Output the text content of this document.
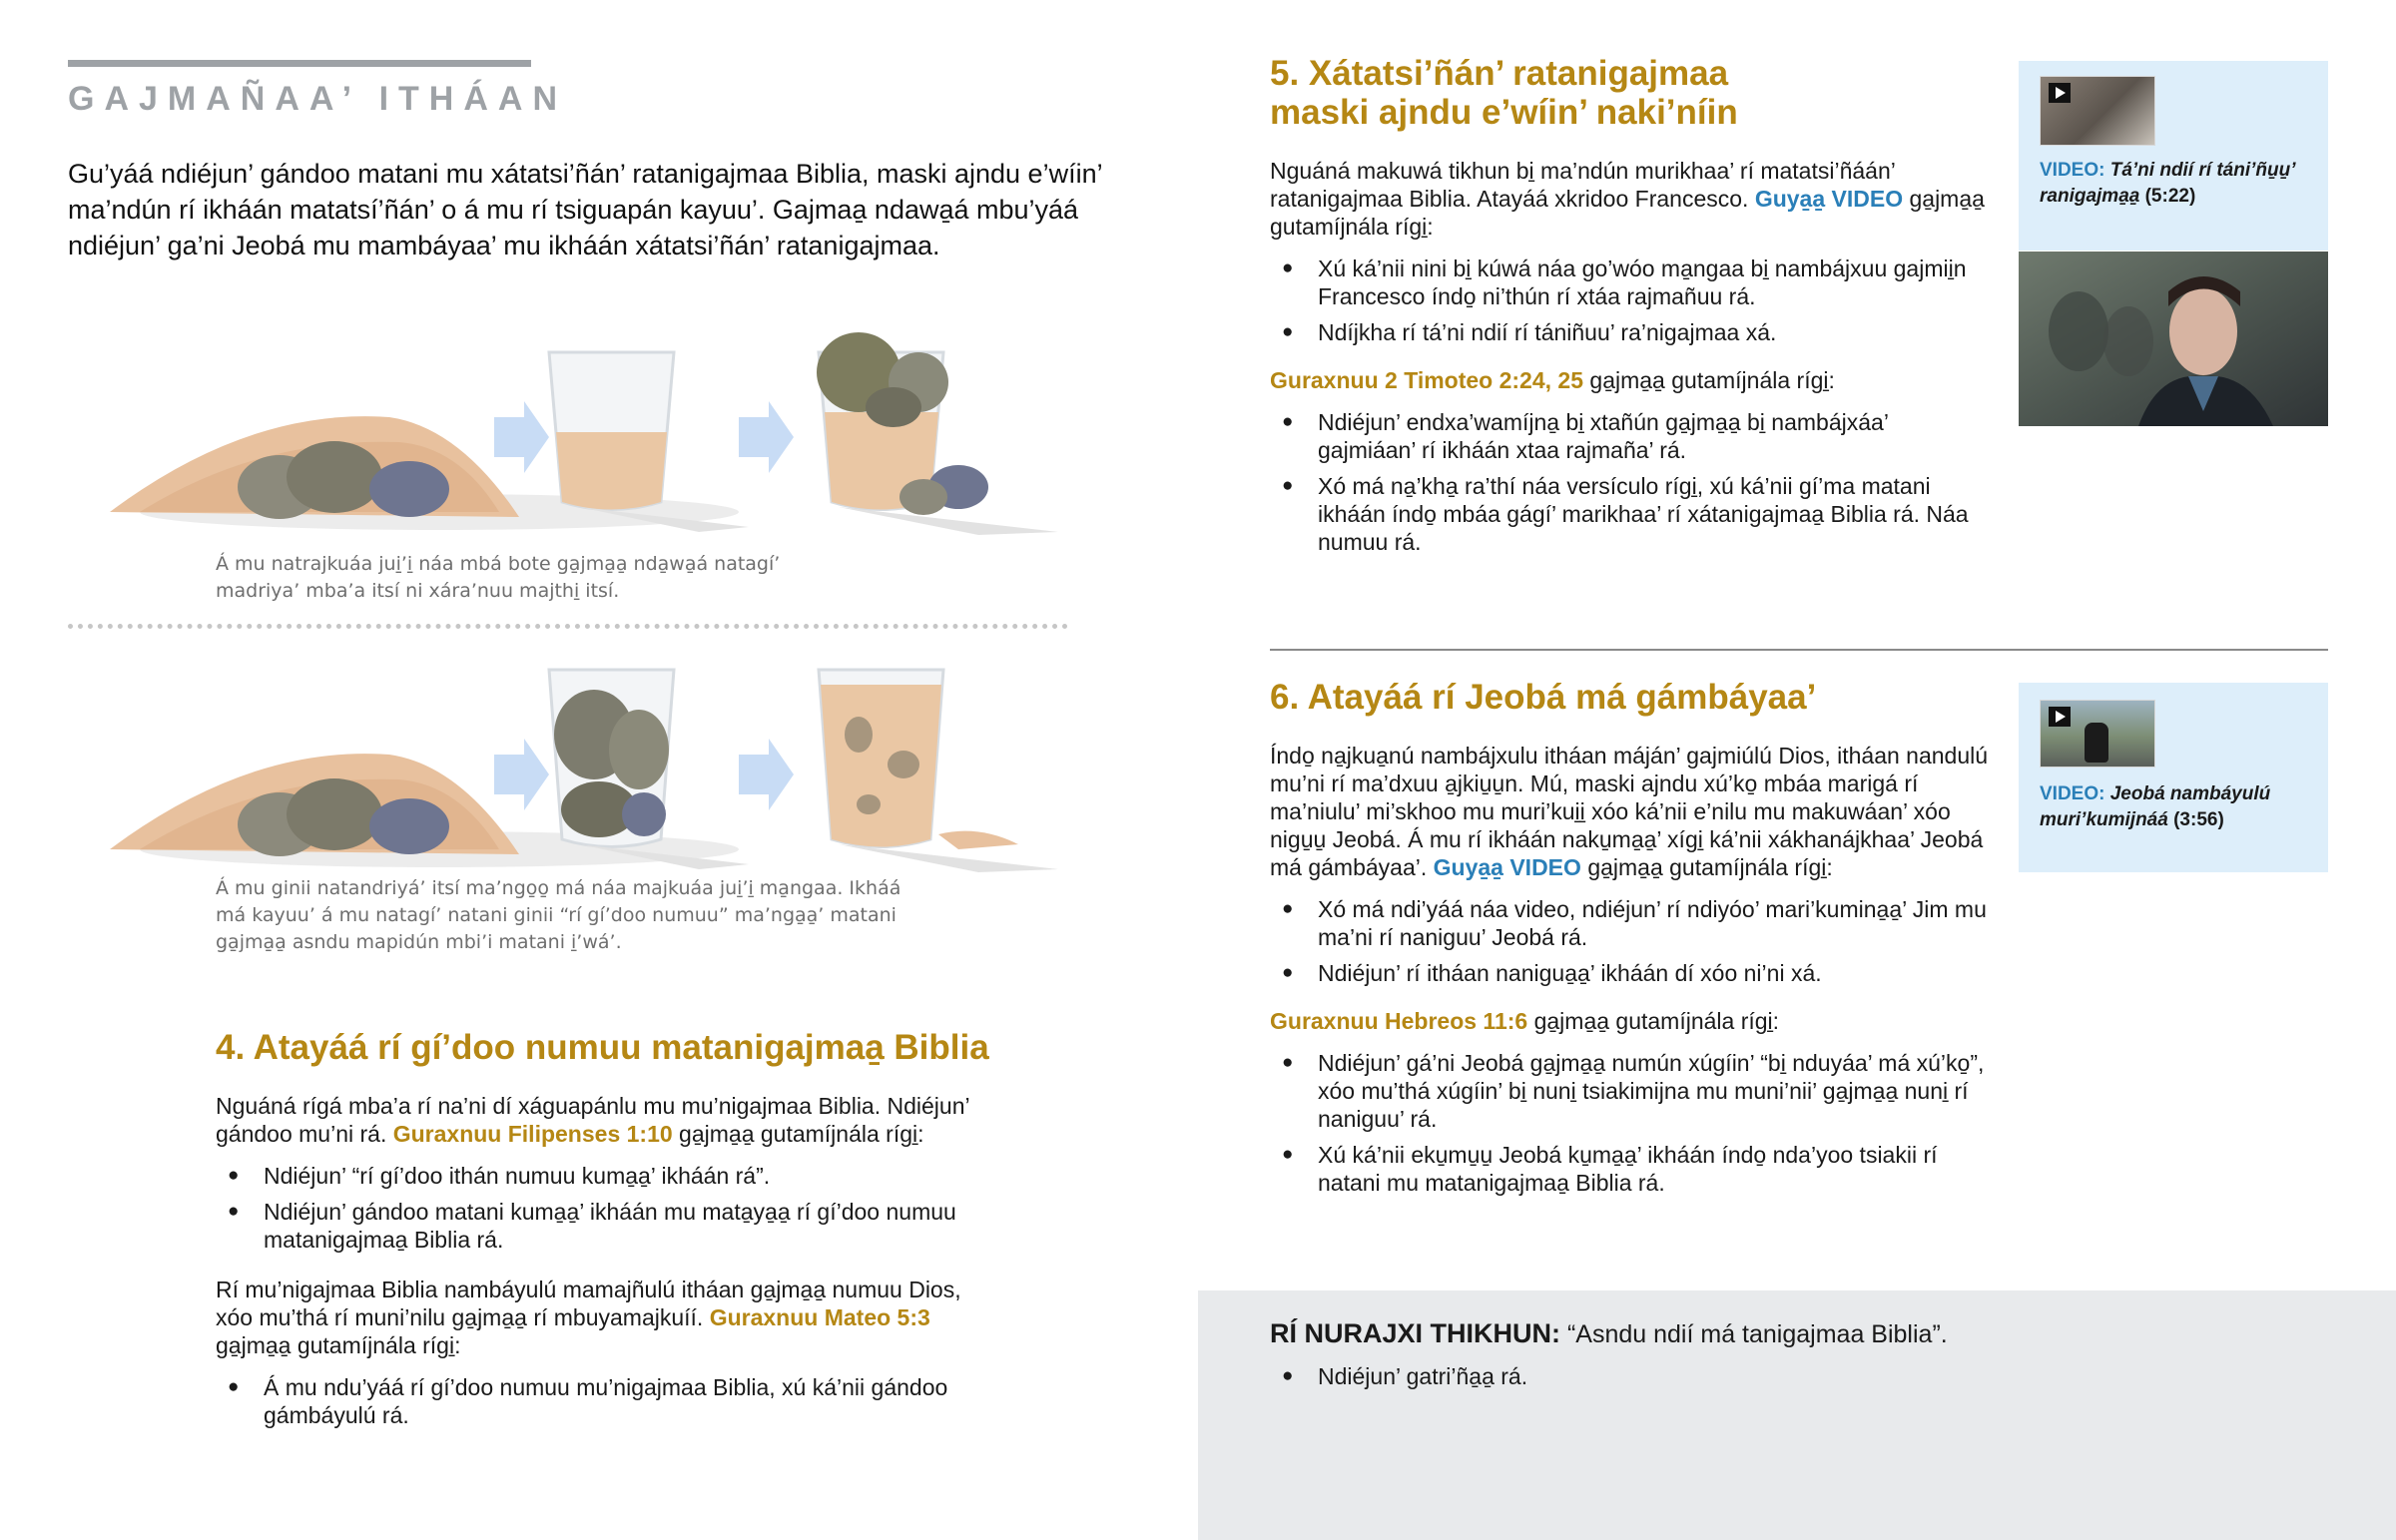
GAJMAÑAA’ ITHÁAN

Gu’yáá ndiéjun’ gándoo matani mu xátatsi’ñán’ ratanigajmaa Biblia, maski ajndu e’wíin’ ma’ndún rí ikháán matatsí’ñán’ o á mu rí tsiguapán kayuu’. Gajmaa̱ ndawa̱á mbu’yáá ndiéjun’ ga’ni Jeobá mu mambáyaa’ mu ikháán xátatsi’ñán’ ratanigajmaa.

Á mu natrajkuáa jui̱’i̱ náa mbá bote ga̱jma̱a̱ nda̱wa̱á natagí’ madriya’ mba’a itsí ni xára’nuu majthi̱ itsí.

Á mu ginii natandriyá’ itsí ma’ngo̱o̱ má náa majkuáa jui̱’i̱ ma̱ngaa. Ikháá má kayuu’ á mu natagí’ natani ginii “rí gí’doo numuu” ma’nga̱a̱’ matani ga̱jma̱a̱ asndu mapidún mbi’i matani i̱’wá’.

4. Atayáá rí gí’doo numuu matanigajmaa̱ Biblia

Nguáná rígá mba’a rí na’ni dí xáguapánlu mu mu’nigajmaa Biblia. Ndiéjun’ gándoo mu’ni rá. Guraxnuu Filipenses 1:10 ga̱jma̱a̱ gutamíjnála rígi̱:

● Ndiéjun’ “rí gí’doo ithán numuu kuma̱a̱’ ikháán rá”.
● Ndiéjun’ gándoo matani kuma̱a̱’ ikháán mu mata̱ya̱a̱ rí gí’doo numuu matanigajmaa̱ Biblia rá.

Rí mu’nigajmaa Biblia nambáyulú mamajñulú itháan ga̱jma̱a̱ numuu Dios, xóo mu’thá rí muni’nilu ga̱jma̱a̱ rí mbuyamajkuíí. Guraxnuu Mateo 5:3 ga̱jma̱a̱ gutamíjnála rígi̱:

● Á mu ndu’yáá rí gí’doo numuu mu’nigajmaa Biblia, xú ká’nii gándoo gámbáyulú rá.
5. Xátatsi’ñán’ ratanigajmaa maski ajndu e’wíin’ naki’níin

Nguáná makuwá tikhun bi̱ ma’ndún murikhaa’ rí matatsi’ñáán’ ratanigajmaa Biblia. Atayáá xkridoo Francesco. Guya̱a̱ VIDEO ga̱jma̱a̱ gutamíjnála rígi̱:

● Xú ká’nii nini bi̱ kúwá náa go’wóo ma̱ngaa bi̱ nambájxuu gajmii̱n Francesco índo̱ ni’thún rí xtáa rajmañuu rá.
● Ndíjkha rí tá’ni ndií rí tániñuu’ ra’nigajmaa xá.

Guraxnuu 2 Timoteo 2:24, 25 ga̱jma̱a̱ gutamíjnála rígi̱:

● Ndiéjun’ endxa’wamíjna̱ bi̱ xtañún ga̱jma̱a̱ bi̱ nambájxáa’ gajmiáan’ rí ikháán xtaa rajmaña’ rá.
● Xó má na̱’kha̱ ra’thí náa versículo rígi̱, xú ká’nii gí’ma matani ikháán índo̱ mbáa gágí’ marikhaa’ rí xátanigajmaa̱ Biblia rá. Náa numuu rá.

VIDEO: Tá’ni ndií rí táni’ñu̱u̱’ ranigajma̱a̱ (5:22)

6. Atayáá rí Jeobá má gámbáyaa’

Índo̱ na̱jkua̱nú nambájxulu itháan máján’ gajmiúlú Dios, itháan nandulú mu’ni rí ma’dxuu a̱jkiu̱u̱n. Mú, maski ajndu xú’ko̱ mbáa marigá rí ma’niulu’ mi’skhoo mu muri’kui̱i̱ xóo ká’nii e’nilu mu makuwáan’ xóo nigu̱u̱ Jeobá. Á mu rí ikháán naku̱ma̱a̱’ xígi̱ ká’nii xákhanájkhaa’ Jeobá má gámbáyaa’. Guya̱a̱ VIDEO ga̱jma̱a̱ gutamíjnála rígi̱:

● Xó má ndi’yáá náa video, ndiéjun’ rí ndiyóo’ mari’kumina̱a̱’ Jim mu ma’ni rí naniguu’ Jeobá rá.
● Ndiéjun’ rí itháan nanigua̱a̱’ ikháán dí xóo ni’ni xá.

Guraxnuu Hebreos 11:6 ga̱jma̱a̱ gutamíjnála rígi̱:

● Ndiéjun’ gá’ni Jeobá ga̱jma̱a̱ numún xúgíin’ “bi̱ nduyáa’ má xú’ko̱”, xóo mu’thá xúgíin’ bi̱ nuni̱ tsiakimijna mu muni’nii’ ga̱jma̱a̱ nuni̱ rí naniguu’ rá.
● Xú ká’nii eku̱mu̱u̱ Jeobá ku̱ma̱a̱’ ikháán índo̱ nda’yoo tsiakii rí natani mu matanigajmaa̱ Biblia rá.

VIDEO: Jeobá nambáyulú muri’kumijnáá (3:56)

RÍ NURAJXI THIKHUN: “Asndu ndií má tanigajmaa Biblia”.

● Ndiéjun’ gatri’ña̱a̱ rá.
